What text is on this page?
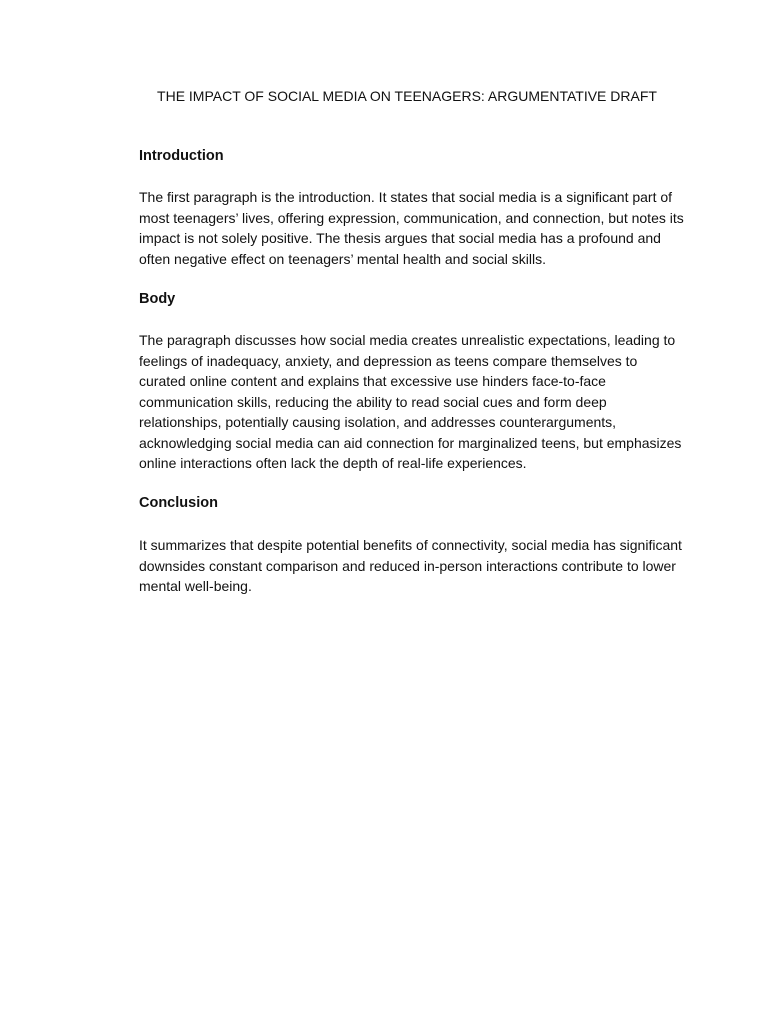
THE IMPACT OF SOCIAL MEDIA ON TEENAGERS: ARGUMENTATIVE DRAFT
Introduction

The first paragraph is the introduction. It states that social media is a significant part of most teenagers’ lives, offering expression, communication, and connection, but notes its impact is not solely positive. The thesis argues that social media has a profound and often negative effect on teenagers’ mental health and social skills.

Body

The paragraph discusses how social media creates unrealistic expectations, leading to feelings of inadequacy, anxiety, and depression as teens compare themselves to curated online content and explains that excessive use hinders face-to-face communication skills, reducing the ability to read social cues and form deep relationships, potentially causing isolation, and addresses counterarguments, acknowledging social media can aid connection for marginalized teens, but emphasizes online interactions often lack the depth of real-life experiences.

Conclusion

It summarizes that despite potential benefits of connectivity, social media has significant downsides constant comparison and reduced in-person interactions contribute to lower mental well-being.
